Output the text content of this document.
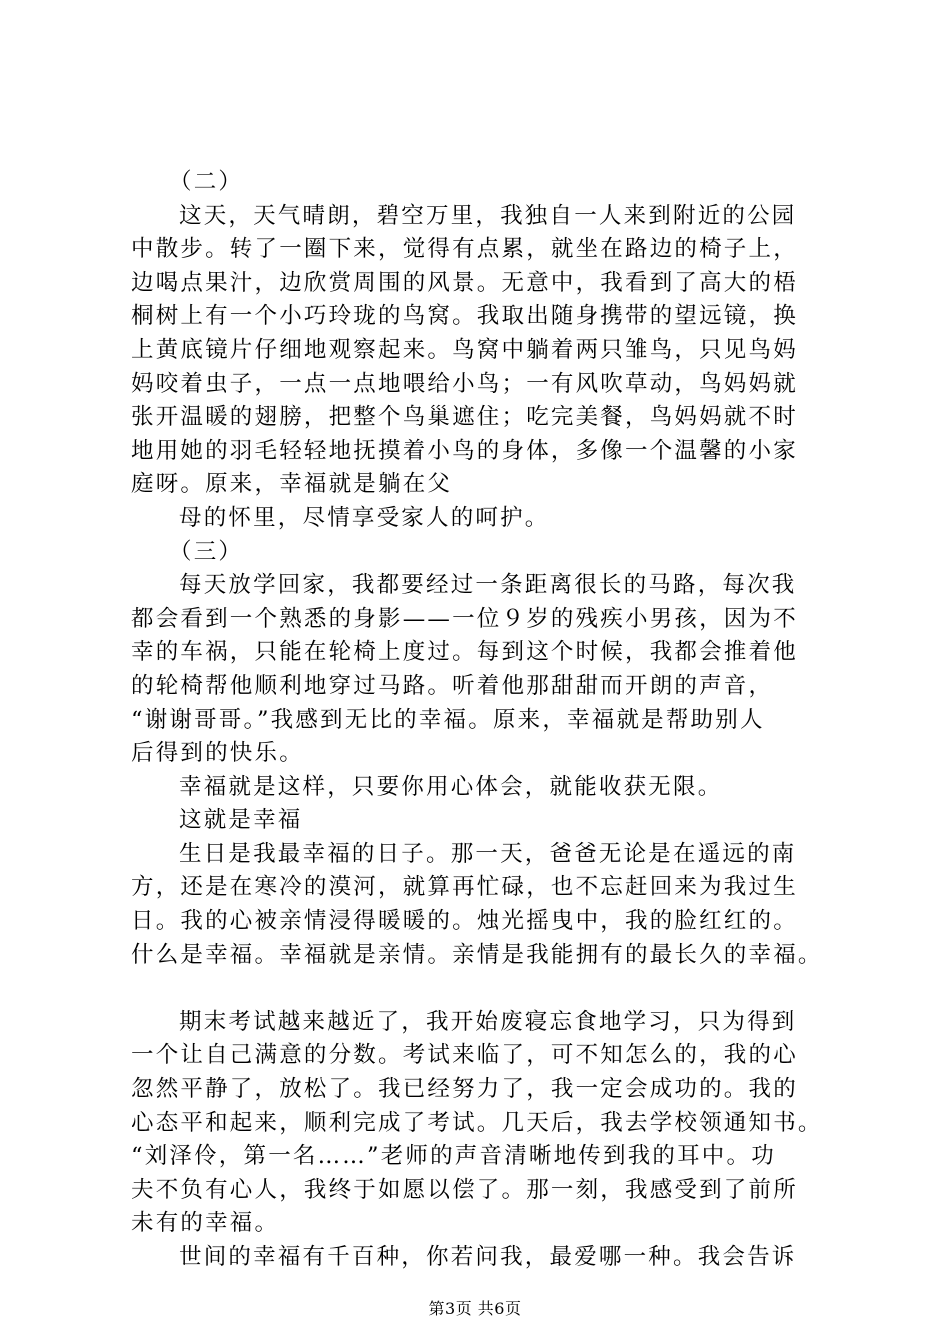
（二）
这天，天气晴朗，碧空万里，我独自一人来到附近的公园
中散步。转了一圈下来，觉得有点累，就坐在路边的椅子上，
边喝点果汁，边欣赏周围的风景。无意中，我看到了高大的梧
桐树上有一个小巧玲珑的鸟窝。我取出随身携带的望远镜，换
上黄底镜片仔细地观察起来。鸟窝中躺着两只雏鸟，只见鸟妈
妈咬着虫子，一点一点地喂给小鸟；一有风吹草动，鸟妈妈就
张开温暖的翅膀，把整个鸟巢遮住；吃完美餐，鸟妈妈就不时
地用她的羽毛轻轻地抚摸着小鸟的身体，多像一个温馨的小家
庭呀。原来，幸福就是躺在父
母的怀里，尽情享受家人的呵护。
（三）
每天放学回家，我都要经过一条距离很长的马路，每次我
都会看到一个熟悉的身影——一位９岁的残疾小男孩，因为不
幸的车祸，只能在轮椅上度过。每到这个时候，我都会推着他
的轮椅帮他顺利地穿过马路。听着他那甜甜而开朗的声音，
“谢谢哥哥。”我感到无比的幸福。原来，幸福就是帮助别人
后得到的快乐。
幸福就是这样，只要你用心体会，就能收获无限。
这就是幸福
生日是我最幸福的日子。那一天，爸爸无论是在遥远的南
方，还是在寒冷的漠河，就算再忙碌，也不忘赶回来为我过生
日。我的心被亲情浸得暖暖的。烛光摇曳中，我的脸红红的。
什么是幸福。幸福就是亲情。亲情是我能拥有的最长久的幸福。
期末考试越来越近了，我开始废寝忘食地学习，只为得到
一个让自己满意的分数。考试来临了，可不知怎么的，我的心
忽然平静了，放松了。我已经努力了，我一定会成功的。我的
心态平和起来，顺利完成了考试。几天后，我去学校领通知书。
“刘泽伶，第一名……”老师的声音清晰地传到我的耳中。功
夫不负有心人，我终于如愿以偿了。那一刻，我感受到了前所
未有的幸福。
世间的幸福有千百种，你若问我，最爱哪一种。我会告诉
第3页 共6页
